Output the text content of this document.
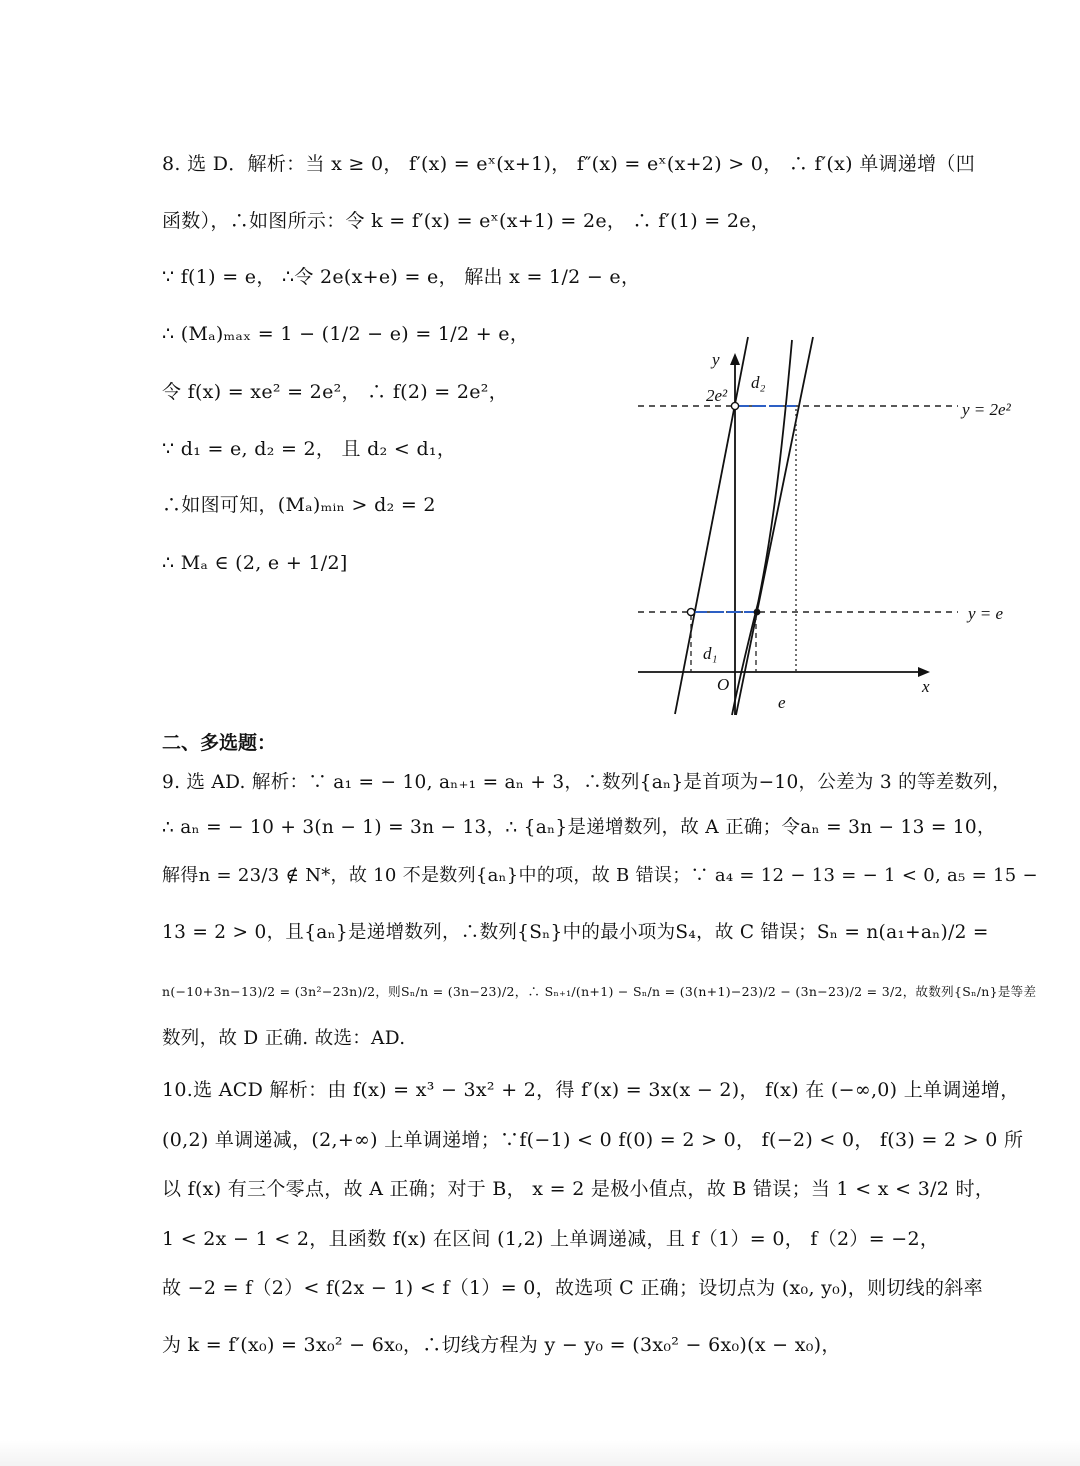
8. 选 D．解析：当 x ≥ 0， f′(x) = eˣ(x+1)， f″(x) = eˣ(x+2) > 0， ∴ f′(x) 单调递增（凹
函数），∴如图所示：令 k = f′(x) = eˣ(x+1) = 2e， ∴ f′(1) = 2e，
∵ f(1) = e， ∴令 2e(x+e) = e， 解出 x = 1/2 − e，
∴ (Mₐ)ₘₐₓ = 1 − (1/2 − e) = 1/2 + e，
令 f(x) = xe² = 2e²， ∴ f(2) = 2e²，
∵ d₁ = e, d₂ = 2， 且 d₂ < d₁，
∴如图可知，(Mₐ)ₘᵢₙ > d₂ = 2
∴ Mₐ ∈ (2, e + 1/2]
y
x
O
2e²
e
d₁
d₂
y = 2e²
y = e
二、多选题：
9. 选 AD. 解析：∵ a₁ = − 10, aₙ₊₁ = aₙ + 3，∴数列{aₙ}是首项为−10，公差为 3 的等差数列，
∴ aₙ = − 10 + 3(n − 1) = 3n − 13，∴ {aₙ}是递增数列，故 A 正确；令aₙ = 3n − 13 = 10，
解得n = 23/3 ∉ N*，故 10 不是数列{aₙ}中的项，故 B 错误；∵ a₄ = 12 − 13 = − 1 < 0, a₅ = 15 −
13 = 2 > 0，且{aₙ}是递增数列，∴数列{Sₙ}中的最小项为S₄，故 C 错误；Sₙ = n(a₁+aₙ)/2 =
n(−10+3n−13)/2 = (3n²−23n)/2，则Sₙ/n = (3n−23)/2，∴ Sₙ₊₁/(n+1) − Sₙ/n = (3(n+1)−23)/2 − (3n−23)/2 = 3/2，故数列{Sₙ/n}是等差
数列，故 D 正确. 故选：AD.
10.选 ACD 解析：由 f(x) = x³ − 3x² + 2，得 f′(x) = 3x(x − 2)， f(x) 在 (−∞,0) 上单调递增，
(0,2) 单调递减，(2,+∞) 上单调递增；∵f(−1) < 0 f(0) = 2 > 0， f(−2) < 0， f(3) = 2 > 0 所
以 f(x) 有三个零点，故 A 正确；对于 B， x = 2 是极小值点，故 B 错误；当 1 < x < 3/2 时，
1 < 2x − 1 < 2，且函数 f(x) 在区间 (1,2) 上单调递减，且 f（1）= 0， f（2）= −2，
故 −2 = f（2）< f(2x − 1) < f（1）= 0，故选项 C 正确；设切点为 (x₀, y₀)，则切线的斜率
为 k = f′(x₀) = 3x₀² − 6x₀，∴切线方程为 y − y₀ = (3x₀² − 6x₀)(x − x₀)，
